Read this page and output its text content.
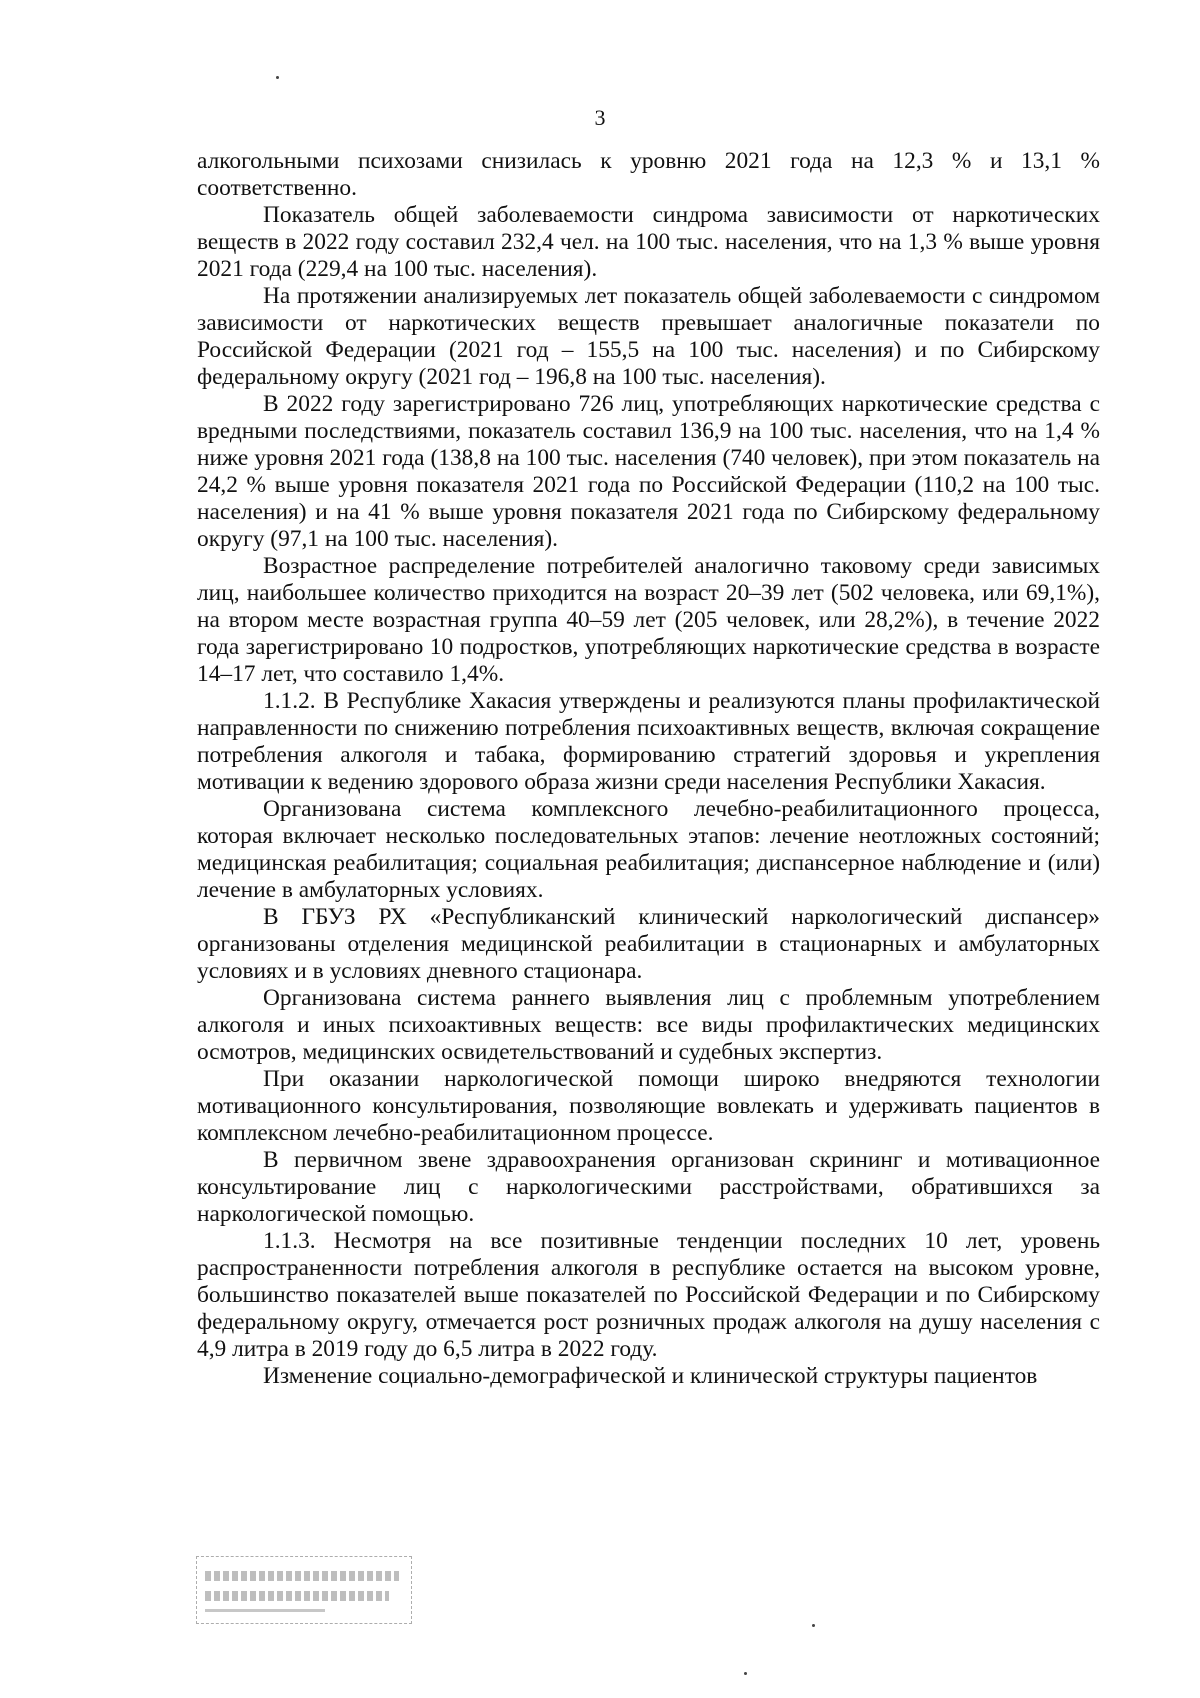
3

алкогольными психозами снизилась к уровню 2021 года на 12,3 % и 13,1 % соответственно.

Показатель общей заболеваемости синдрома зависимости от наркотических веществ в 2022 году составил 232,4 чел. на 100 тыс. населения, что на 1,3 % выше уровня 2021 года (229,4 на 100 тыс. населения).

На протяжении анализируемых лет показатель общей заболеваемости с синдромом зависимости от наркотических веществ превышает аналогичные показатели по Российской Федерации (2021 год – 155,5 на 100 тыс. населения) и по Сибирскому федеральному округу (2021 год – 196,8 на 100 тыс. населения).

В 2022 году зарегистрировано 726 лиц, употребляющих наркотические средства с вредными последствиями, показатель составил 136,9 на 100 тыс. населения, что на 1,4 % ниже уровня 2021 года (138,8 на 100 тыс. населения (740 человек), при этом показатель на 24,2 % выше уровня показателя 2021 года по Российской Федерации (110,2 на 100 тыс. населения) и на 41 % выше уровня показателя 2021 года по Сибирскому федеральному округу (97,1 на 100 тыс. населения).

Возрастное распределение потребителей аналогично таковому среди зависимых лиц, наибольшее количество приходится на возраст 20–39 лет (502 человека, или 69,1%), на втором месте возрастная группа 40–59 лет (205 человек, или 28,2%), в течение 2022 года зарегистрировано 10 подростков, употребляющих наркотические средства в возрасте 14–17 лет, что составило 1,4%.

1.1.2. В Республике Хакасия утверждены и реализуются планы профилактической направленности по снижению потребления психоактивных веществ, включая сокращение потребления алкоголя и табака, формированию стратегий здоровья и укрепления мотивации к ведению здорового образа жизни среди населения Республики Хакасия.

Организована система комплексного лечебно-реабилитационного процесса, которая включает несколько последовательных этапов: лечение неотложных состояний; медицинская реабилитация; социальная реабилитация; диспансерное наблюдение и (или) лечение в амбулаторных условиях.

В ГБУЗ РХ «Республиканский клинический наркологический диспансер» организованы отделения медицинской реабилитации в стационарных и амбулаторных условиях и в условиях дневного стационара.

Организована система раннего выявления лиц с проблемным употреблением алкоголя и иных психоактивных веществ: все виды профилактических медицинских осмотров, медицинских освидетельствований и судебных экспертиз.

При оказании наркологической помощи широко внедряются технологии мотивационного консультирования, позволяющие вовлекать и удерживать пациентов в комплексном лечебно-реабилитационном процессе.

В первичном звене здравоохранения организован скрининг и мотивационное консультирование лиц с наркологическими расстройствами, обратившихся за наркологической помощью.

1.1.3. Несмотря на все позитивные тенденции последних 10 лет, уровень распространенности потребления алкоголя в республике остается на высоком уровне, большинство показателей выше показателей по Российской Федерации и по Сибирскому федеральному округу, отмечается рост розничных продаж алкоголя на душу населения с 4,9 литра в 2019 году до 6,5 литра в 2022 году.

Изменение социально-демографической и клинической структуры пациентов
